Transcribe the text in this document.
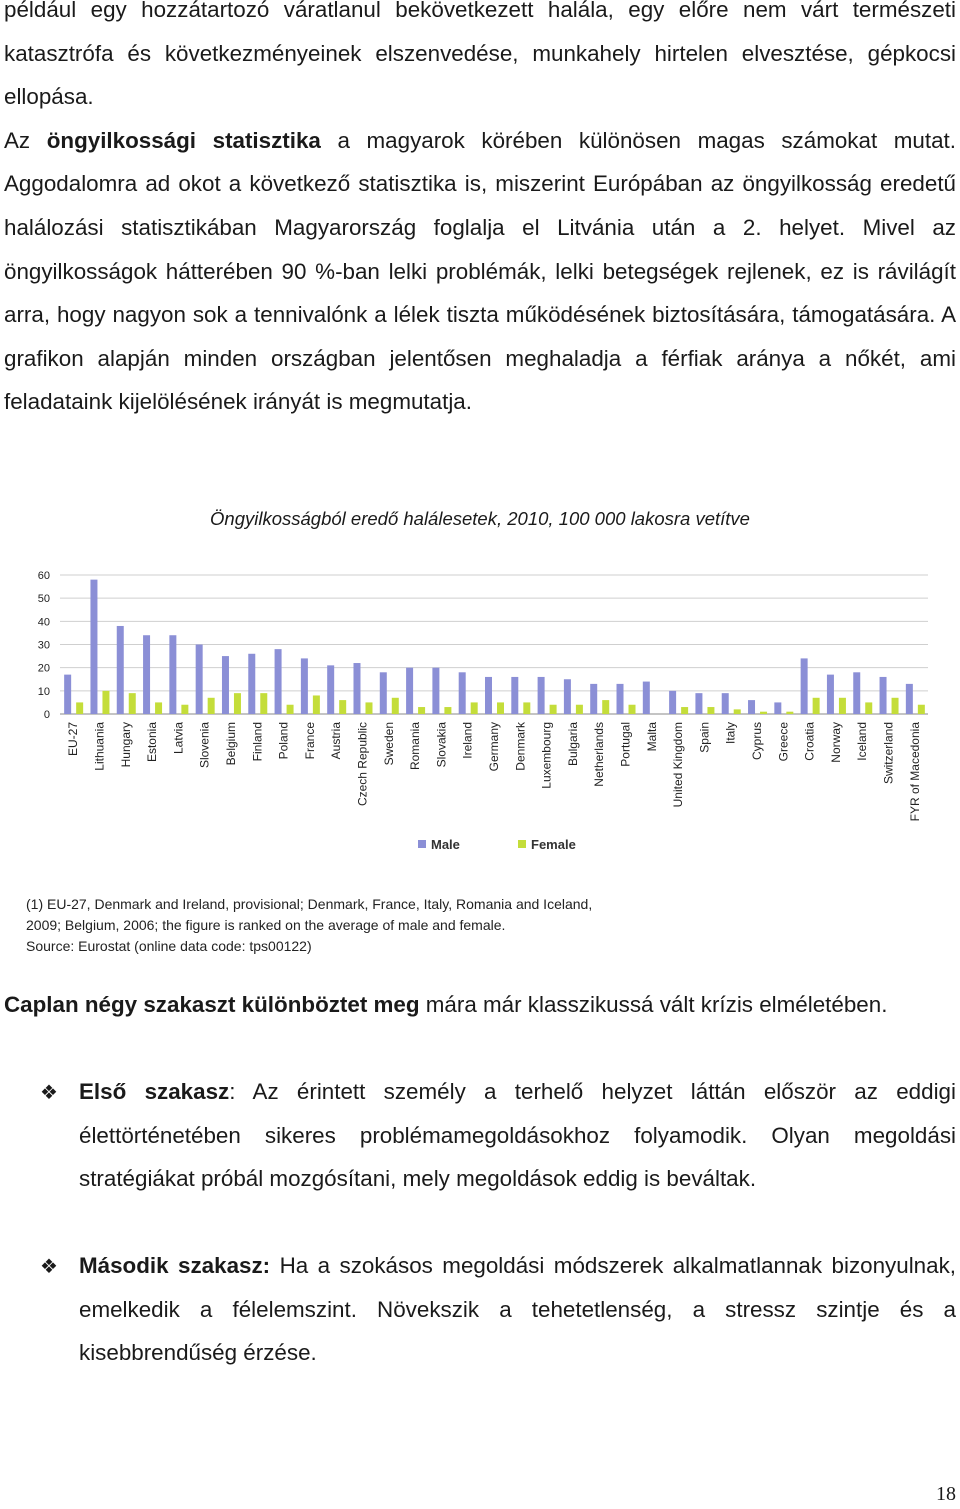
például egy hozzátartozó váratlanul bekövetkezett halála, egy előre nem várt természeti katasztrófa és következményeinek elszenvedése, munkahely hirtelen elvesztése, gépkocsi ellopása.
Az öngyilkossági statisztika a magyarok körében különösen magas számokat mutat. Aggodalomra ad okot a következő statisztika is, miszerint Európában az öngyilkosság eredetű halálozási statisztikában Magyarország foglalja el Litvánia után a 2. helyet. Mivel az öngyilkosságok hátterében 90 %-ban lelki problémák, lelki betegségek rejlenek, ez is rávilágít arra, hogy nagyon sok a tennivalónk a lélek tiszta működésének biztosítására, támogatására. A grafikon alapján minden országban jelentősen meghaladja a férfiak aránya a nőkét, ami feladataink kijelölésének irányát is megmutatja.

Öngyilkosságból eredő halálesetek, 2010, 100 000 lakosra vetítve
0
10
20
30
40
50
60
EU-27 Lithuania Hungary Estonia Latvia Slovenia Belgium Finland Poland France Austria Czech Republic Sweden Romania Slovakia Ireland Germany Denmark Luxembourg Bulgaria Netherlands Portugal Malta United Kingdom Spain Italy Cyprus Greece Croatia Norway Iceland Switzerland FYR of Macedonia
Male	Female
(1) EU-27, Denmark and Ireland, provisional; Denmark, France, Italy, Romania and Iceland,
2009; Belgium, 2006; the figure is ranked on the average of male and female.
Source: Eurostat (online data code: tps00122)

Caplan négy szakaszt különböztet meg mára már klasszikussá vált krízis elméletében.

❖ Első szakasz: Az érintett személy a terhelő helyzet láttán először az eddigi élettörténetében sikeres problémamegoldásokhoz folyamodik. Olyan megoldási stratégiákat próbál mozgósítani, mely megoldások eddig is beváltak.

❖ Második szakasz: Ha a szokásos megoldási módszerek alkalmatlannak bizonyulnak, emelkedik a félelemszint. Növekszik a tehetetlenség, a stressz szintje és a kisebbrendűség érzése.

18
